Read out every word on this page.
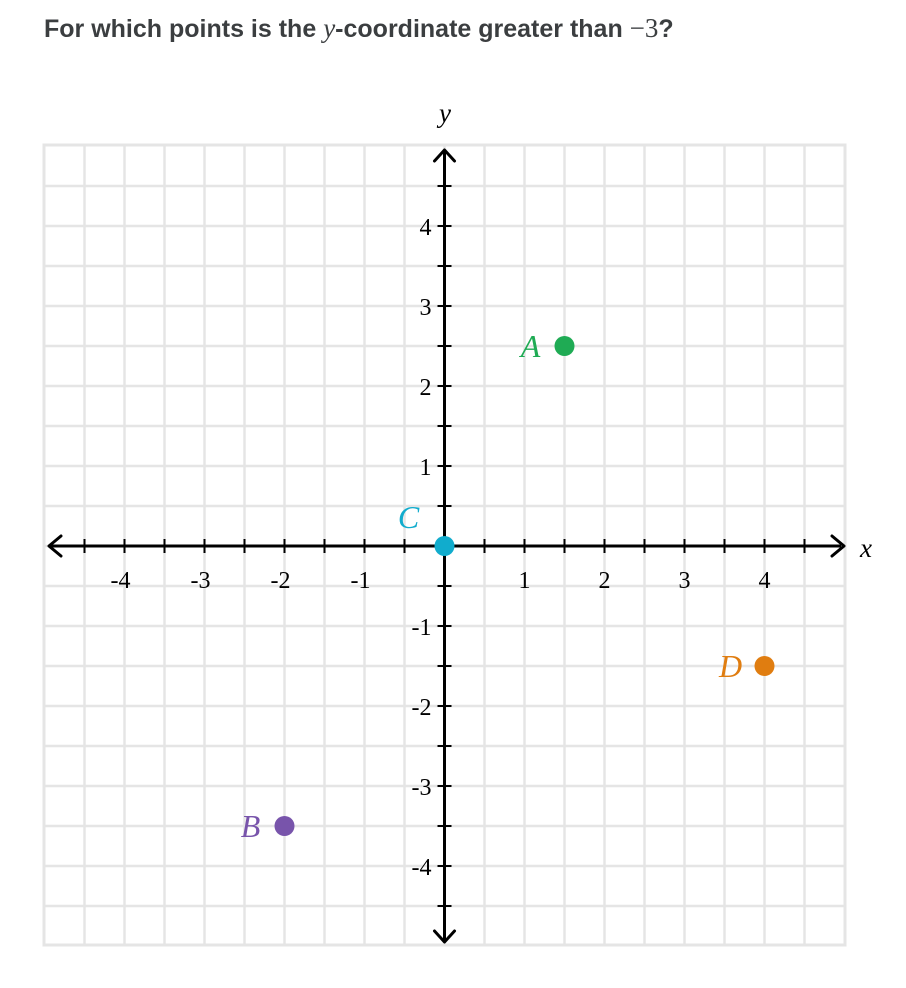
For which points is the y-coordinate greater than −3?
-4	-3	-2	-1	1	2	3	4
4
3
2
1
-1
-2
-3
-4
A
B
C
D
x
y
